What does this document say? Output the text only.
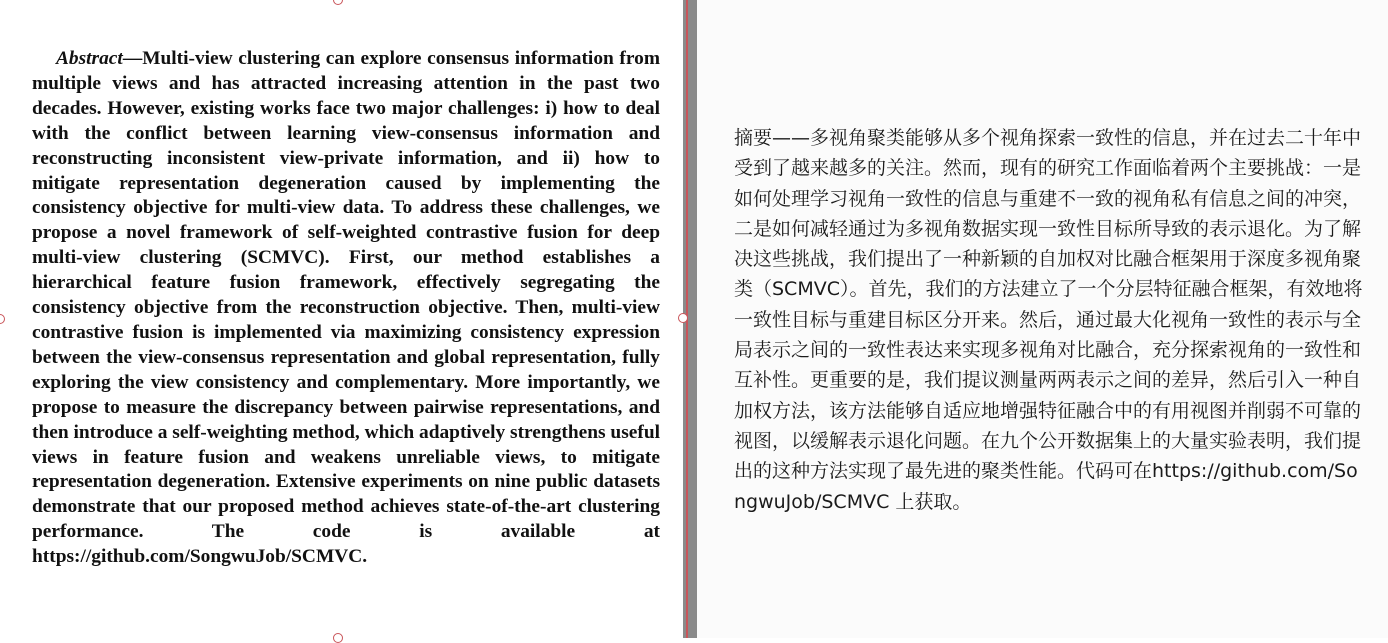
Abstract—Multi-view clustering can explore consensus information from multiple views and has attracted increasing attention in the past two decades. However, existing works face two major challenges: i) how to deal with the conflict between learning view-consensus information and reconstructing inconsistent view-private information, and ii) how to mitigate representation degeneration caused by implementing the consistency objective for multi-view data. To address these challenges, we propose a novel framework of self-weighted contrastive fusion for deep multi-view clustering (SCMVC). First, our method establishes a hierarchical feature fusion framework, effectively segregating the consistency objective from the reconstruction objective. Then, multi-view contrastive fusion is implemented via maximizing consistency expression between the view-consensus representation and global representation, fully exploring the view consistency and complementary. More importantly, we propose to measure the discrepancy between pairwise representations, and then introduce a self-weighting method, which adaptively strengthens useful views in feature fusion and weakens unreliable views, to mitigate representation degeneration. Extensive experiments on nine public datasets demonstrate that our proposed method achieves state-of-the-art clustering performance. The code is available at https://github.com/SongwuJob/SCMVC.

摘要——多视角聚类能够从多个视角探索一致性的信息，并在过去二十年中受到了越来越多的关注。然而，现有的研究工作面临着两个主要挑战：一是如何处理学习视角一致性的信息与重建不一致的视角私有信息之间的冲突，二是如何减轻通过为多视角数据实现一致性目标所导致的表示退化。为了解决这些挑战，我们提出了一种新颖的自加权对比融合框架用于深度多视角聚类（SCMVC）。首先，我们的方法建立了一个分层特征融合框架，有效地将一致性目标与重建目标区分开来。然后，通过最大化视角一致性的表示与全局表示之间的一致性表达来实现多视角对比融合，充分探索视角的一致性和互补性。更重要的是，我们提议测量两两表示之间的差异，然后引入一种自加权方法，该方法能够自适应地增强特征融合中的有用视图并削弱不可靠的视图，以缓解表示退化问题。在九个公开数据集上的大量实验表明，我们提出的这种方法实现了最先进的聚类性能。代码可在https://github.com/SongwuJob/SCMVC 上获取。
